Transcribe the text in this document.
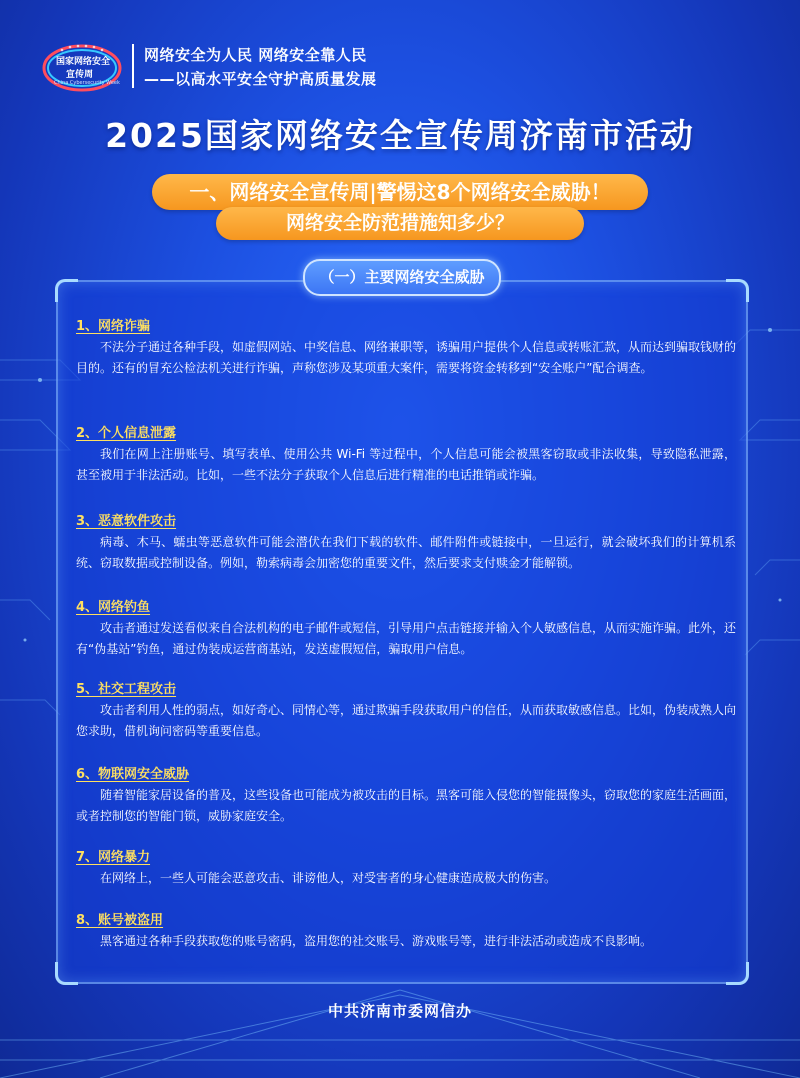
国家网络安全
宣传周
China Cybersecurity Week
网络安全为人民 网络安全靠人民
——以高水平安全守护高质量发展
2025国家网络安全宣传周济南市活动
一、网络安全宣传周|警惕这8个网络安全威胁！
网络安全防范措施知多少？
（一）主要网络安全威胁
1、网络诈骗
不法分子通过各种手段，如虚假网站、中奖信息、网络兼职等，诱骗用户提供个人信息或转账汇款，从而达到骗取钱财的目的。还有的冒充公检法机关进行诈骗，声称您涉及某项重大案件，需要将资金转移到“安全账户”配合调查。
2、个人信息泄露
我们在网上注册账号、填写表单、使用公共 Wi-Fi 等过程中，个人信息可能会被黑客窃取或非法收集，导致隐私泄露，甚至被用于非法活动。比如，一些不法分子获取个人信息后进行精准的电话推销或诈骗。
3、恶意软件攻击
病毒、木马、蠕虫等恶意软件可能会潜伏在我们下载的软件、邮件附件或链接中，一旦运行，就会破坏我们的计算机系统、窃取数据或控制设备。例如，勒索病毒会加密您的重要文件，然后要求支付赎金才能解锁。
4、网络钓鱼
攻击者通过发送看似来自合法机构的电子邮件或短信，引导用户点击链接并输入个人敏感信息，从而实施诈骗。此外，还有“伪基站”钓鱼，通过伪装成运营商基站，发送虚假短信，骗取用户信息。
5、社交工程攻击
攻击者利用人性的弱点，如好奇心、同情心等，通过欺骗手段获取用户的信任，从而获取敏感信息。比如，伪装成熟人向您求助，借机询问密码等重要信息。
6、物联网安全威胁
随着智能家居设备的普及，这些设备也可能成为被攻击的目标。黑客可能入侵您的智能摄像头，窃取您的家庭生活画面，或者控制您的智能门锁，威胁家庭安全。
7、网络暴力
在网络上，一些人可能会恶意攻击、诽谤他人，对受害者的身心健康造成极大的伤害。
8、账号被盗用
黑客通过各种手段获取您的账号密码，盗用您的社交账号、游戏账号等，进行非法活动或造成不良影响。
中共济南市委网信办
